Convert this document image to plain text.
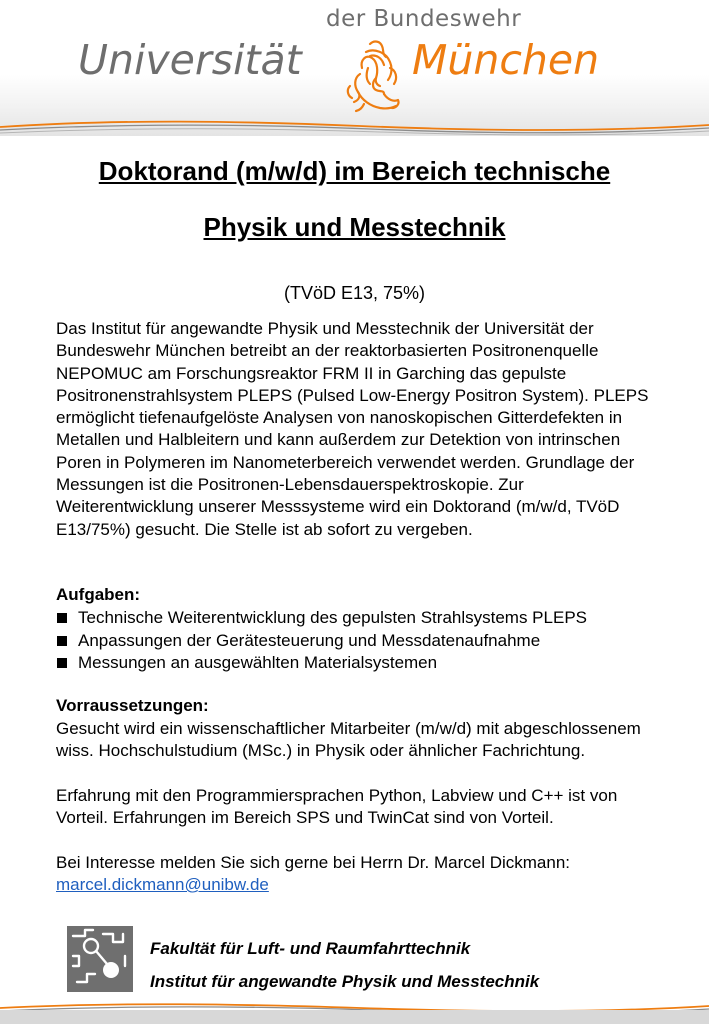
der Bundeswehr
Universität	München
Doktorand (m/w/d) im Bereich technische
Physik und Messtechnik
(TVöD E13, 75%)

Das Institut für angewandte Physik und Messtechnik der Universität der Bundeswehr München betreibt an der reaktorbasierten Positronenquelle NEPOMUC am Forschungsreaktor FRM II in Garching das gepulste Positronenstrahlsystem PLEPS (Pulsed Low-Energy Positron System). PLEPS ermöglicht tiefenaufgelöste Analysen von nanoskopischen Gitterdefekten in Metallen und Halbleitern und kann außerdem zur Detektion von intrinschen Poren in Polymeren im Nanometerbereich verwendet werden. Grundlage der Messungen ist die Positronen-Lebensdauerspektroskopie. Zur Weiterentwicklung unserer Messsysteme wird ein Doktorand (m/w/d, TVöD E13/75%) gesucht. Die Stelle ist ab sofort zu vergeben.

Aufgaben:

Technische Weiterentwicklung des gepulsten Strahlsystems PLEPS
Anpassungen der Gerätesteuerung und Messdatenaufnahme
Messungen an ausgewählten Materialsystemen

Vorraussetzungen:

Gesucht wird ein wissenschaftlicher Mitarbeiter (m/w/d) mit abgeschlossenem wiss. Hochschulstudium (MSc.) in Physik oder ähnlicher Fachrichtung.

Erfahrung mit den Programmiersprachen Python, Labview und C++ ist von Vorteil. Erfahrungen im Bereich SPS und TwinCat sind von Vorteil.

Bei Interesse melden Sie sich gerne bei Herrn Dr. Marcel Dickmann:

marcel.dickmann@unibw.de
Fakultät für Luft- und Raumfahrttechnik
Institut für angewandte Physik und Messtechnik
